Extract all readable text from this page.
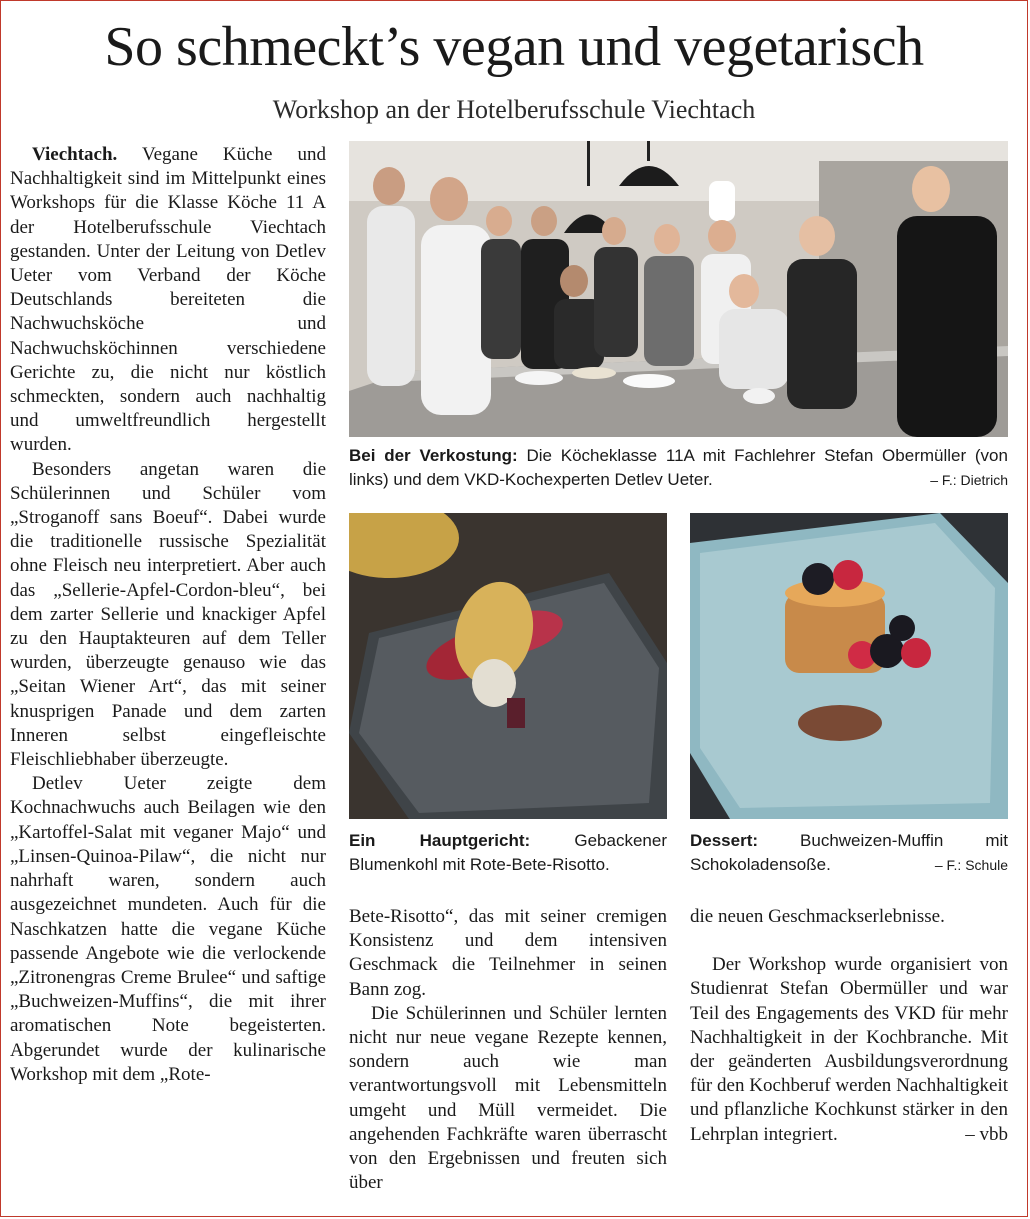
So schmeckt’s vegan und vegetarisch
Workshop an der Hotelberufsschule Viechtach

Viechtach. Vegane Küche und Nachhaltigkeit sind im Mittelpunkt eines Workshops für die Klasse Köche 11 A der Hotelberufsschule Viechtach gestanden. Unter der Leitung von Detlev Ueter vom Verband der Köche Deutschlands bereiteten die Nachwuchsköche und Nachwuchsköchinnen verschiedene Gerichte zu, die nicht nur köstlich schmeckten, sondern auch nachhaltig und umweltfreundlich hergestellt wurden.

Besonders angetan waren die Schülerinnen und Schüler vom „Stroganoff sans Boeuf“. Dabei wurde die traditionelle russische Spezialität ohne Fleisch neu interpretiert. Aber auch das „Sellerie-Apfel-Cordon-bleu“, bei dem zarter Sellerie und knackiger Apfel zu den Hauptakteuren auf dem Teller wurden, überzeugte genauso wie das „Seitan Wiener Art“, das mit seiner knusprigen Panade und dem zarten Inneren selbst eingefleischte Fleischliebhaber überzeugte.

Detlev Ueter zeigte dem Kochnachwuchs auch Beilagen wie den „Kartoffel-Salat mit veganer Majo“ und „Linsen-Quinoa-Pilaw“, die nicht nur nahrhaft waren, sondern auch ausgezeichnet mundeten. Auch für die Naschkatzen hatte die vegane Küche passende Angebote wie die verlockende „Zitronengras Creme Brulee“ und saftige „Buchweizen-Muffins“, die mit ihrer aromatischen Note begeisterten. Abgerundet wurde der kulinarische Workshop mit dem „Rote-

Bei der Verkostung: Die Köcheklasse 11A mit Fachlehrer Stefan Obermüller (von links) und dem VKD-Kochexperten Detlev Ueter.	– F.: Dietrich
Ein Hauptgericht:	Gebackener Blumenkohl mit Rote-Bete-Risotto.
Dessert: Buchweizen-Muffin mit Schokoladensoße.	– F.: Schule

Bete-Risotto“, das mit seiner cremigen Konsistenz und dem intensiven Geschmack die Teilnehmer in seinen Bann zog.

Die Schülerinnen und Schüler lernten nicht nur neue vegane Rezepte kennen, sondern auch wie man verantwortungsvoll mit Lebensmitteln umgeht und Müll vermeidet. Die angehenden Fachkräfte waren überrascht von den Ergebnissen und freuten sich über

die neuen Geschmackserlebnisse.

Der Workshop wurde organisiert von Studienrat Stefan Obermüller und war Teil des Engagements des VKD für mehr Nachhaltigkeit in der Kochbranche. Mit der geänderten Ausbildungsverordnung für den Kochberuf werden Nachhaltigkeit und pflanzliche Kochkunst stärker in den Lehrplan integriert.	– vbb
